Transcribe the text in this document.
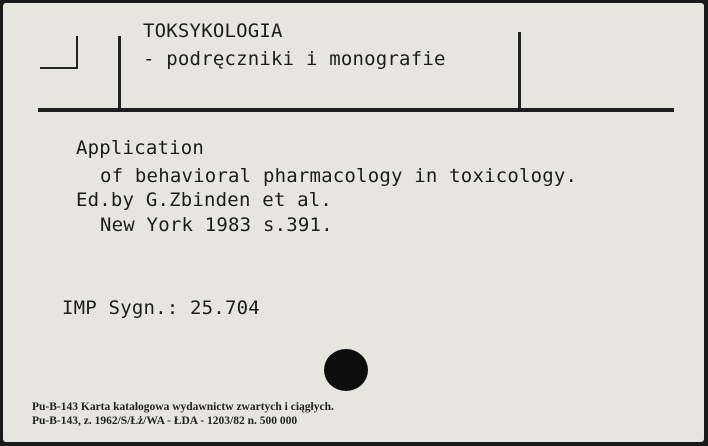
TOKSYKOLOGIA
- podręczniki i monografie
Application
of behavioral pharmacology in toxicology.
Ed.by G.Zbinden et al.
New York 1983 s.391.
IMP Sygn.: 25.704
Pu-B-143 Karta katalogowa wydawnictw zwartych i ciągłych.
Pu-B-143, z. 1962/S/Łż/WA - ŁDA - 1203/82 n. 500 000
